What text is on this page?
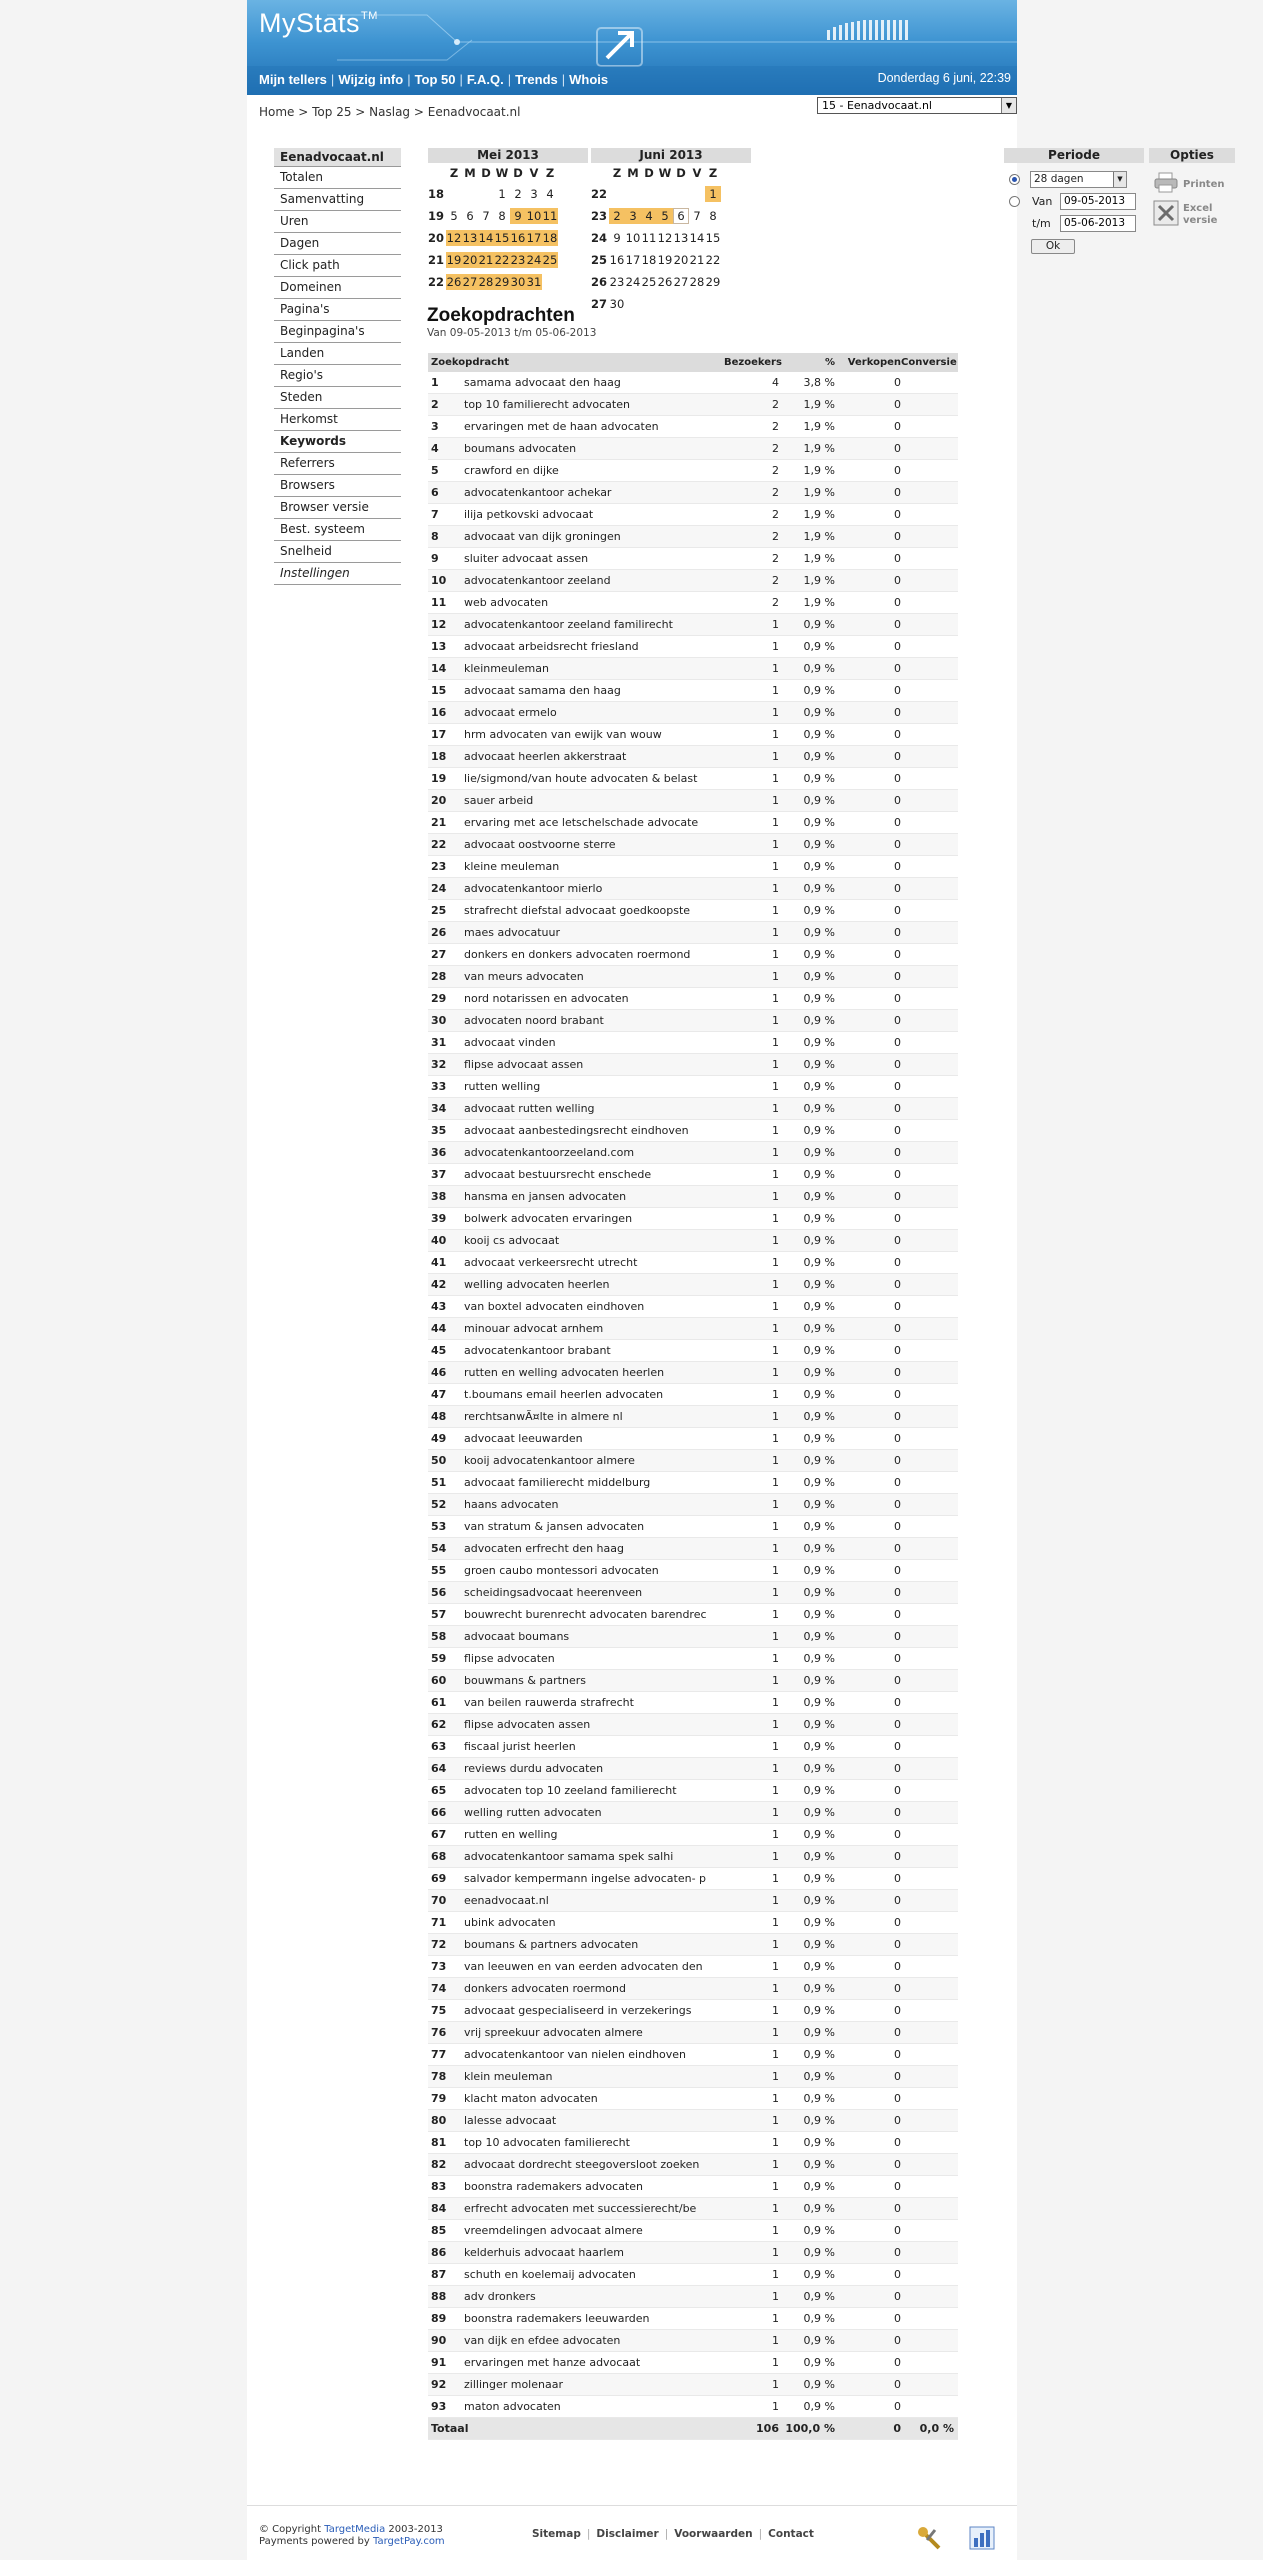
MyStats™
Mijn tellers | Wijzig info | Top 50 | F.A.Q. | Trends | Whois	Donderdag 6 juni, 22:39
Home > Top 25 > Naslag > Eenadvocaat.nl	15 - Eenadvocaat.nl	▼
Eenadvocaat.nl
Totalen
Samenvatting
Uren
Dagen
Click path
Domeinen
Pagina's
Beginpagina's
Landen
Regio's
Steden
Herkomst
Keywords
Referrers
Browsers
Browser versie
Best. systeem
Snelheid
Instellingen
Mei 2013
Z M D W D V Z
18	1 2 3 4
19 5 6 7 8 9 10 11
20 12 13 14 15 16 17 18
21 19 20 21 22 23 24 25
22 26 27 28 29 30 31
Juni 2013
Z M D W D V Z
22	1
23 2 3 4 5 6 7 8
24 9 10 11 12 13 14 15
25 16 17 18 19 20 21 22
26 23 24 25 26 27 28 29
27 30
Periode
28 dagen	▼
Van	09-05-2013
t/m	05-06-2013
Ok
Opties
Printen
Excel versie
Zoekopdrachten
Van 09-05-2013 t/m 05-06-2013
Zoekopdracht	Bezoekers	%	Verkopen Conversie
1	samama advocaat den haag	4	3,8 %	0
2	top 10 familierecht advocaten	2	1,9 %	0
3	ervaringen met de haan advocaten	2	1,9 %	0
4	boumans advocaten	2	1,9 %	0
5	crawford en dijke	2	1,9 %	0
6	advocatenkantoor achekar	2	1,9 %	0
7	ilija petkovski advocaat	2	1,9 %	0
8	advocaat van dijk groningen	2	1,9 %	0
9	sluiter advocaat assen	2	1,9 %	0
10	advocatenkantoor zeeland	2	1,9 %	0
11	web advocaten	2	1,9 %	0
12	advocatenkantoor zeeland familirecht	1	0,9 %	0
13	advocaat arbeidsrecht friesland	1	0,9 %	0
14	kleinmeuleman	1	0,9 %	0
15	advocaat samama den haag	1	0,9 %	0
16	advocaat ermelo	1	0,9 %	0
17	hrm advocaten van ewijk van wouw	1	0,9 %	0
18	advocaat heerlen akkerstraat	1	0,9 %	0
19	lie/sigmond/van houte advocaten & belast	1	0,9 %	0
20	sauer arbeid	1	0,9 %	0
21	ervaring met ace letschelschade advocate	1	0,9 %	0
22	advocaat oostvoorne sterre	1	0,9 %	0
23	kleine meuleman	1	0,9 %	0
24	advocatenkantoor mierlo	1	0,9 %	0
25	strafrecht diefstal advocaat goedkoopste	1	0,9 %	0
26	maes advocatuur	1	0,9 %	0
27	donkers en donkers advocaten roermond	1	0,9 %	0
28	van meurs advocaten	1	0,9 %	0
29	nord notarissen en advocaten	1	0,9 %	0
30	advocaten noord brabant	1	0,9 %	0
31	advocaat vinden	1	0,9 %	0
32	flipse advocaat assen	1	0,9 %	0
33	rutten welling	1	0,9 %	0
34	advocaat rutten welling	1	0,9 %	0
35	advocaat aanbestedingsrecht eindhoven	1	0,9 %	0
36	advocatenkantoorzeeland.com	1	0,9 %	0
37	advocaat bestuursrecht enschede	1	0,9 %	0
38	hansma en jansen advocaten	1	0,9 %	0
39	bolwerk advocaten ervaringen	1	0,9 %	0
40	kooij cs advocaat	1	0,9 %	0
41	advocaat verkeersrecht utrecht	1	0,9 %	0
42	welling advocaten heerlen	1	0,9 %	0
43	van boxtel advocaten eindhoven	1	0,9 %	0
44	minouar advocat arnhem	1	0,9 %	0
45	advocatenkantoor brabant	1	0,9 %	0
46	rutten en welling advocaten heerlen	1	0,9 %	0
47	t.boumans email heerlen advocaten	1	0,9 %	0
48	rerchtsanwÃ¤lte in almere nl	1	0,9 %	0
49	advocaat leeuwarden	1	0,9 %	0
50	kooij advocatenkantoor almere	1	0,9 %	0
51	advocaat familierecht middelburg	1	0,9 %	0
52	haans advocaten	1	0,9 %	0
53	van stratum & jansen advocaten	1	0,9 %	0
54	advocaten erfrecht den haag	1	0,9 %	0
55	groen caubo montessori advocaten	1	0,9 %	0
56	scheidingsadvocaat heerenveen	1	0,9 %	0
57	bouwrecht burenrecht advocaten barendrec	1	0,9 %	0
58	advocaat boumans	1	0,9 %	0
59	flipse advocaten	1	0,9 %	0
60	bouwmans & partners	1	0,9 %	0
61	van beilen rauwerda strafrecht	1	0,9 %	0
62	flipse advocaten assen	1	0,9 %	0
63	fiscaal jurist heerlen	1	0,9 %	0
64	reviews durdu advocaten	1	0,9 %	0
65	advocaten top 10 zeeland familierecht	1	0,9 %	0
66	welling rutten advocaten	1	0,9 %	0
67	rutten en welling	1	0,9 %	0
68	advocatenkantoor samama spek salhi	1	0,9 %	0
69	salvador kempermann ingelse advocaten- p	1	0,9 %	0
70	eenadvocaat.nl	1	0,9 %	0
71	ubink advocaten	1	0,9 %	0
72	boumans & partners advocaten	1	0,9 %	0
73	van leeuwen en van eerden advocaten den	1	0,9 %	0
74	donkers advocaten roermond	1	0,9 %	0
75	advocaat gespecialiseerd in verzekerings	1	0,9 %	0
76	vrij spreekuur advocaten almere	1	0,9 %	0
77	advocatenkantoor van nielen eindhoven	1	0,9 %	0
78	klein meuleman	1	0,9 %	0
79	klacht maton advocaten	1	0,9 %	0
80	lalesse advocaat	1	0,9 %	0
81	top 10 advocaten familierecht	1	0,9 %	0
82	advocaat dordrecht steegoversloot zoeken	1	0,9 %	0
83	boonstra rademakers advocaten	1	0,9 %	0
84	erfrecht advocaten met successierecht/be	1	0,9 %	0
85	vreemdelingen advocaat almere	1	0,9 %	0
86	kelderhuis advocaat haarlem	1	0,9 %	0
87	schuth en koelemaij advocaten	1	0,9 %	0
88	adv dronkers	1	0,9 %	0
89	boonstra rademakers leeuwarden	1	0,9 %	0
90	van dijk en efdee advocaten	1	0,9 %	0
91	ervaringen met hanze advocaat	1	0,9 %	0
92	zillinger molenaar	1	0,9 %	0
93	maton advocaten	1	0,9 %	0
Totaal	106 100,0 %	0	0,0 %
© Copyright TargetMedia 2003-2013
Payments powered by TargetPay.com
Sitemap | Disclaimer | Voorwaarden | Contact
